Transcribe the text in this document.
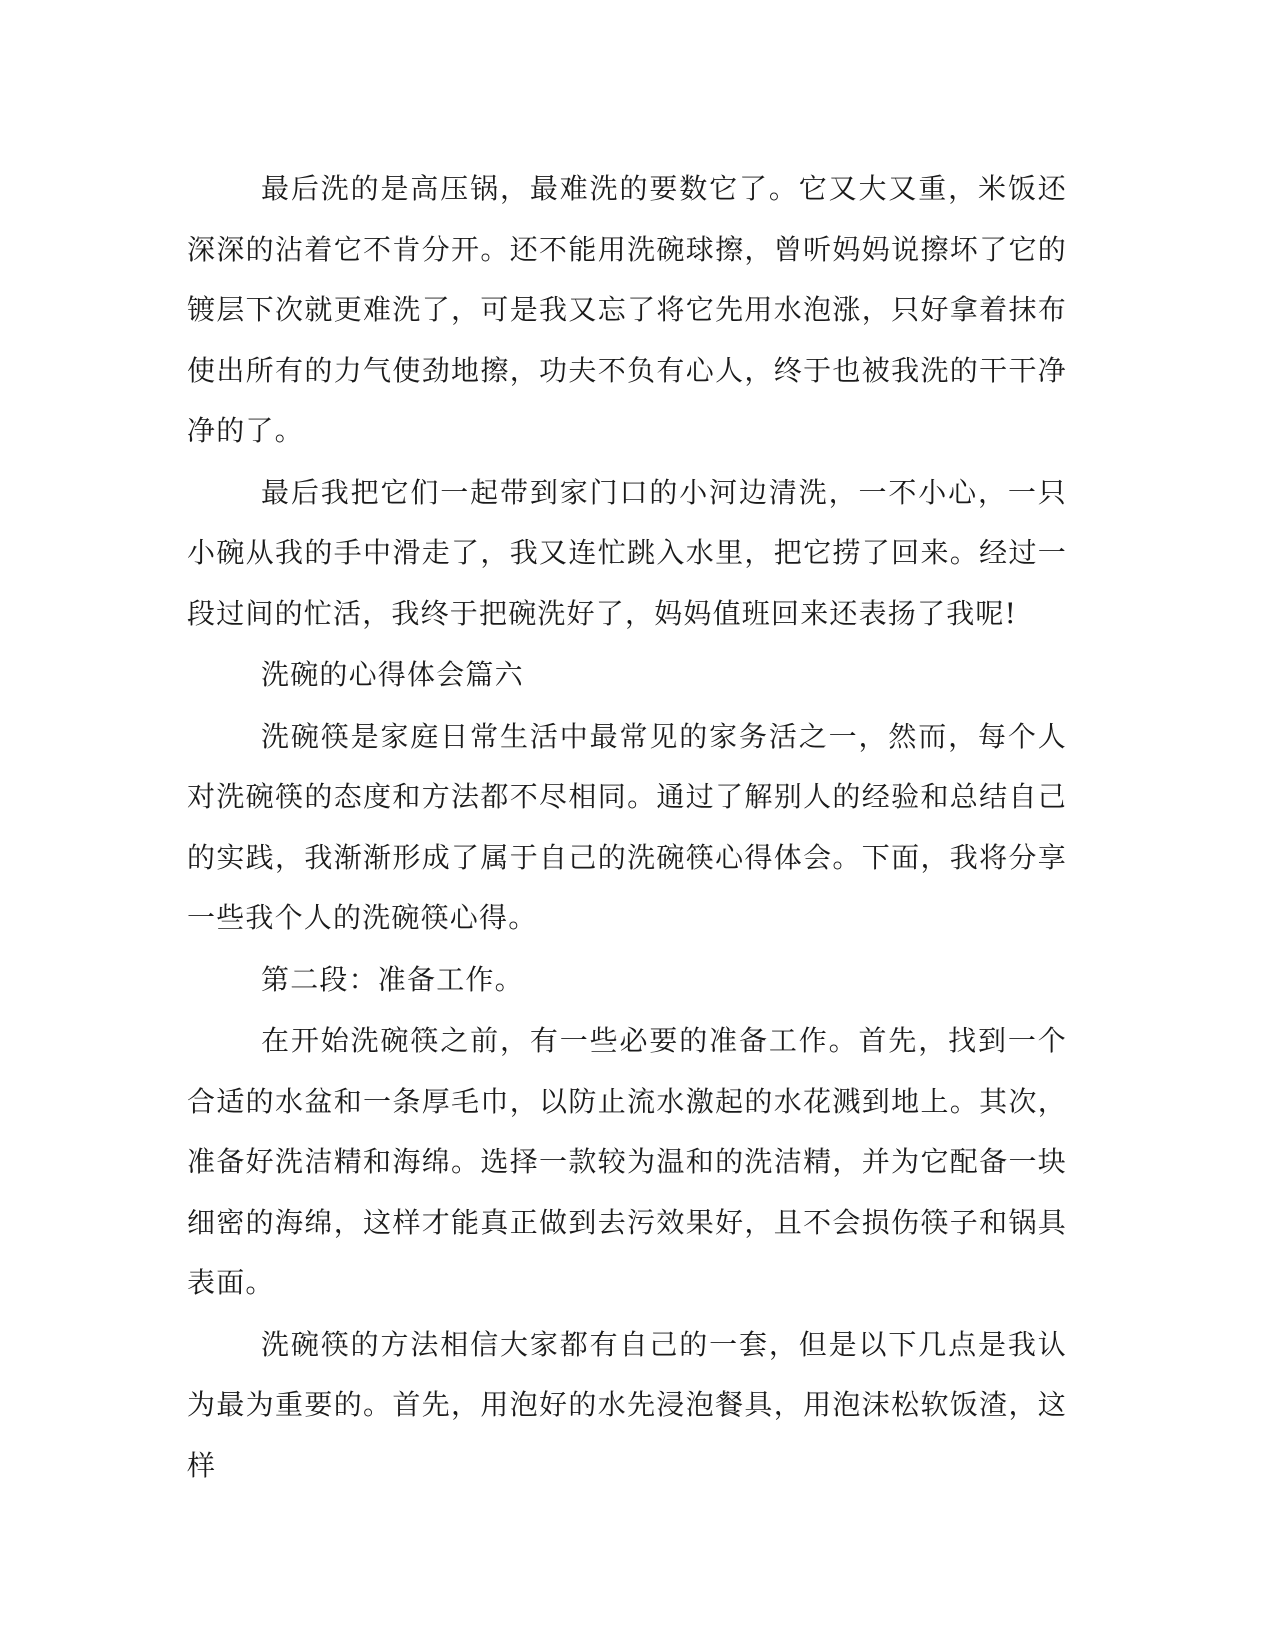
最后洗的是高压锅，最难洗的要数它了。它又大又重，米饭还深深的沾着它不肯分开。还不能用洗碗球擦，曾听妈妈说擦坏了它的镀层下次就更难洗了，可是我又忘了将它先用水泡涨，只好拿着抹布使出所有的力气使劲地擦，功夫不负有心人，终于也被我洗的干干净净的了。

最后我把它们一起带到家门口的小河边清洗，一不小心，一只小碗从我的手中滑走了，我又连忙跳入水里，把它捞了回来。经过一段过间的忙活，我终于把碗洗好了，妈妈值班回来还表扬了我呢!

洗碗的心得体会篇六

洗碗筷是家庭日常生活中最常见的家务活之一，然而，每个人对洗碗筷的态度和方法都不尽相同。通过了解别人的经验和总结自己的实践，我渐渐形成了属于自己的洗碗筷心得体会。下面，我将分享一些我个人的洗碗筷心得。

第二段：准备工作。

在开始洗碗筷之前，有一些必要的准备工作。首先，找到一个合适的水盆和一条厚毛巾，以防止流水激起的水花溅到地上。其次，准备好洗洁精和海绵。选择一款较为温和的洗洁精，并为它配备一块细密的海绵，这样才能真正做到去污效果好，且不会损伤筷子和锅具表面。

洗碗筷的方法相信大家都有自己的一套，但是以下几点是我认为最为重要的。首先，用泡好的水先浸泡餐具，用泡沫松软饭渣，这样
